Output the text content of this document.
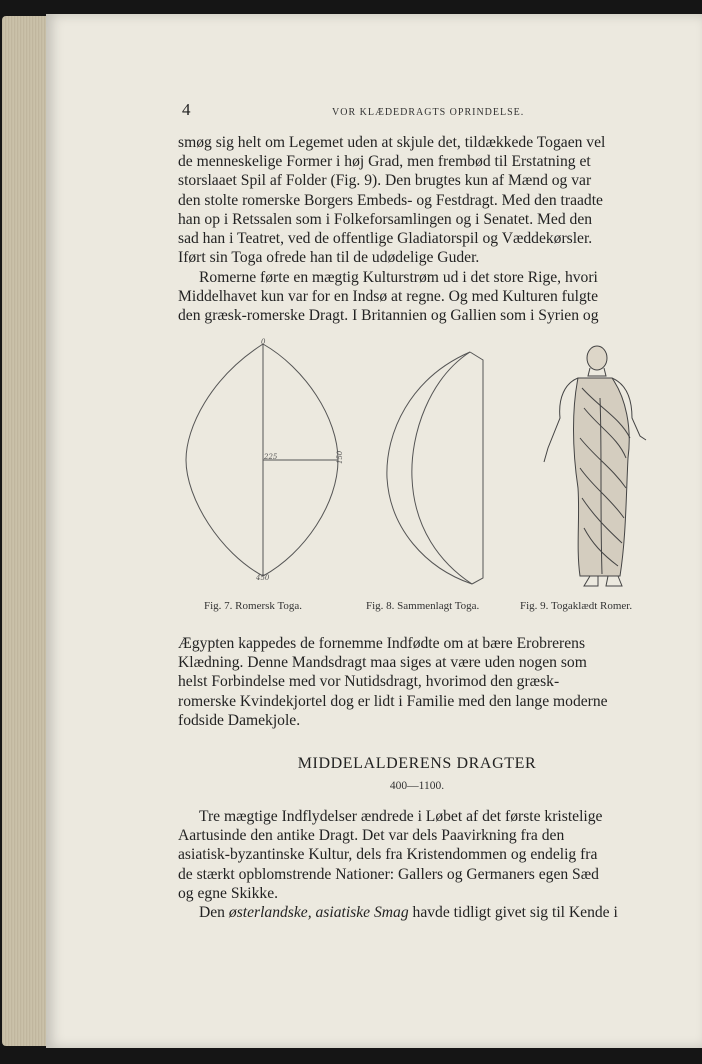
4	VOR KLÆDEDRAGTS OPRINDELSE.
smøg sig helt om Legemet uden at skjule det, tildækkede Togaen vel
de menneskelige Former i høj Grad, men frembød til Erstatning et
storslaaet Spil af Folder (Fig. 9). Den brugtes kun af Mænd og var
den stolte romerske Borgers Embeds- og Festdragt. Med den traadte
han op i Retssalen som i Folkeforsamlingen og i Senatet. Med den
sad han i Teatret, ved de offentlige Gladiatorspil og Væddekørsler.
Iført sin Toga ofrede han til de udødelige Guder.
Romerne førte en mægtig Kulturstrøm ud i det store Rige, hvori
Middelhavet kun var for en Indsø at regne. Og med Kulturen fulgte
den græsk-romerske Dragt. I Britannien og Gallien som i Syrien og
0
225	150
450
Fig. 7. Romersk Toga.	Fig. 8. Sammenlagt Toga.	Fig. 9. Togaklædt Romer.
Ægypten kappedes de fornemme Indfødte om at bære Erobrerens
Klædning. Denne Mandsdragt maa siges at være uden nogen som
helst Forbindelse med vor Nutidsdragt, hvorimod den græsk-
romerske Kvindekjortel dog er lidt i Familie med den lange moderne
fodside Damekjole.
MIDDELALDERENS DRAGTER
400—1100.
Tre mægtige Indflydelser ændrede i Løbet af det første kristelige
Aartusinde den antike Dragt. Det var dels Paavirkning fra den
asiatisk-byzantinske Kultur, dels fra Kristendommen og endelig fra
de stærkt opblomstrende Nationer: Gallers og Germaners egen Sæd
og egne Skikke.
Den østerlandske, asiatiske Smag havde tidligt givet sig til Kende i
